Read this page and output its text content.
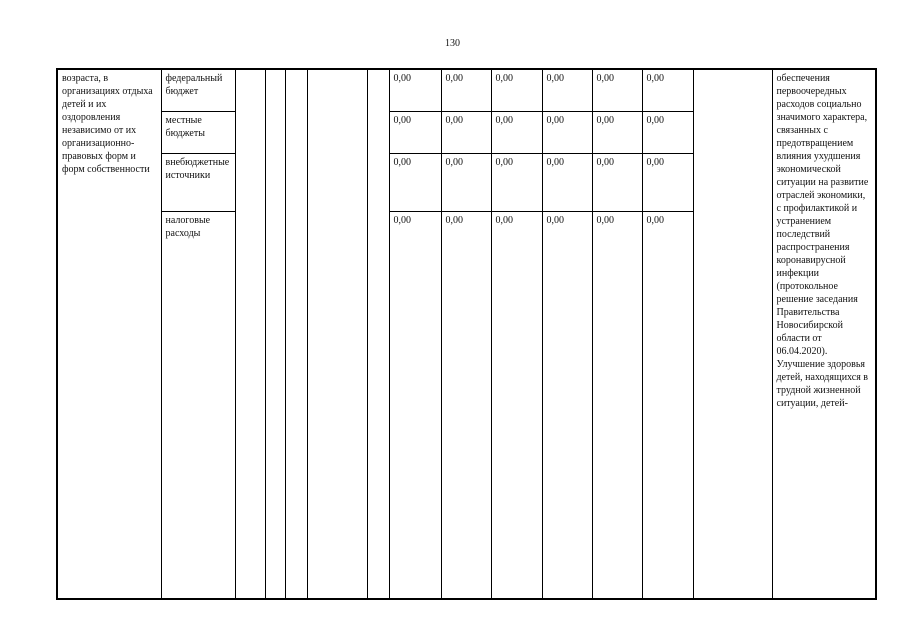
130
возраста, в организациях отдыха детей и их оздоровления независимо от их организационно-правовых форм и форм собственности	федеральный бюджет						0,00	0,00	0,00	0,00	0,00	0,00		обеспечения первоочередных расходов социально значимого характера, связанных с предотвращением влияния ухудшения экономической ситуации на развитие отраслей экономики, с профилактикой и устранением последствий распространения коронавирусной инфекции (протокольное решение заседания Правительства Новосибирской области от 06.04.2020). Улучшение здоровья детей, находящихся в трудной жизненной ситуации, детей-

	местные бюджеты						0,00	0,00	0,00	0,00	0,00	0,00		

	внебюджетные источники						0,00	0,00	0,00	0,00	0,00	0,00		

	налоговые расходы						0,00	0,00	0,00	0,00	0,00	0,00		
